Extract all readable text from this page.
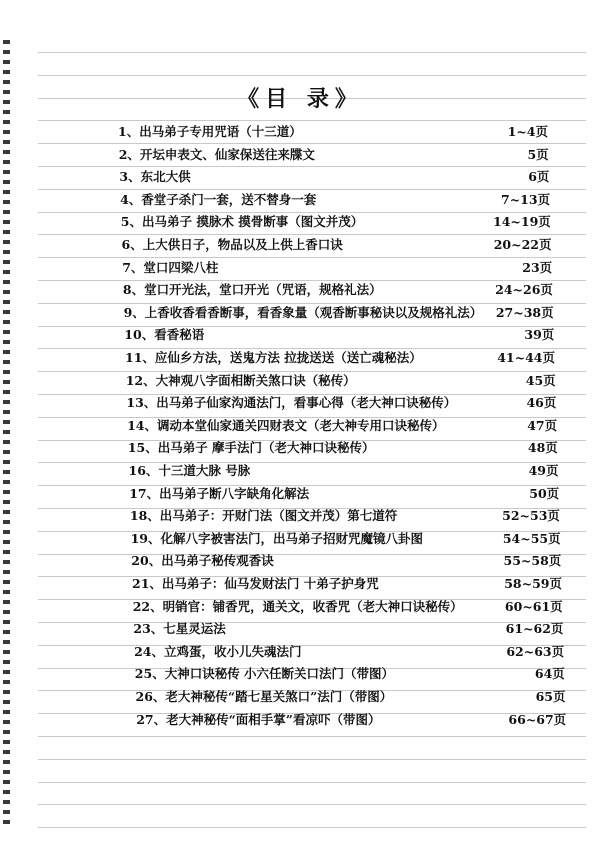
《目 录》
1、出马弟子专用咒语（十三道）	1~4页
2、开坛申表文、仙家保送往来牒文	5页
3、东北大供	6页
4、香堂子杀门一套，送不替身一套	7~13页
5、出马弟子 摸脉术 摸骨断事（图文并茂）	14~19页
6、上大供日子，物品以及上供上香口诀	20~22页
7、堂口四梁八柱	23页
8、堂口开光法，堂口开光（咒语，规格礼法）	24~26页
9、上香收香看香断事，看香象量（观香断事秘诀以及规格礼法） 27~38页
10、看香秘语	39页
11、应仙乡方法，送鬼方法 拉拢送送（送亡魂秘法）	41~44页
12、大神观八字面相断关煞口诀（秘传）	45页
13、出马弟子仙家沟通法门，看事心得（老大神口诀秘传）	46页
14、调动本堂仙家通关四财表文（老大神专用口诀秘传）	47页
15、出马弟子 摩手法门（老大神口诀秘传）	48页
16、十三道大脉 号脉	49页
17、出马弟子断八字缺角化解法	50页
18、出马弟子：开财门法（图文并茂）第七道符	52~53页
19、化解八字被害法门，出马弟子招财咒魔镜八卦图	54~55页
20、出马弟子秘传观香诀	55~58页
21、出马弟子：仙马发财法门 十弟子护身咒	58~59页
22、明销官：铺香咒，通关文，收香咒（老大神口诀秘传）	60~61页
23、七星灵运法	61~62页
24、立鸡蛋，收小儿失魂法门	62~63页
25、大神口诀秘传 小六任断关口法门（带图）	64页
26、老大神秘传“踏七星关煞口”法门（带图）	65页
27、老大神秘传“面相手掌”看凉吓（带图）	66~67页
